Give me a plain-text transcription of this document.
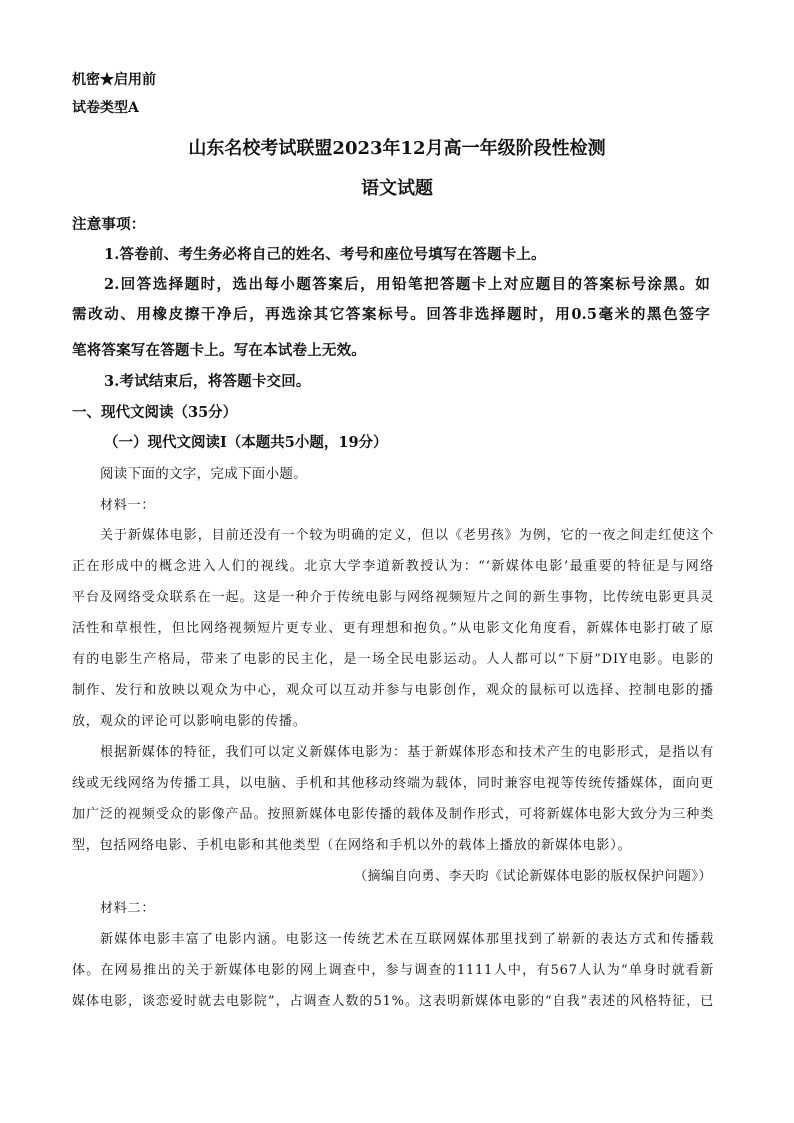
机密★启用前
试卷类型A
山东名校考试联盟2023年12月高一年级阶段性检测
语文试题
注意事项：
1.答卷前、考生务必将自己的姓名、考号和座位号填写在答题卡上。
2.回答选择题时，选出每小题答案后，用铅笔把答题卡上对应题目的答案标号涂黑。如
需改动、用橡皮擦干净后，再选涂其它答案标号。回答非选择题时，用0.5毫米的黑色签字
笔将答案写在答题卡上。写在本试卷上无效。
3.考试结束后，将答题卡交回。
一、现代文阅读（35分）
（一）现代文阅读Ⅰ（本题共5小题，19分）
阅读下面的文字，完成下面小题。
材料一：
关于新媒体电影，目前还没有一个较为明确的定义，但以《老男孩》为例，它的一夜之间走红使这个
正在形成中的概念进入人们的视线。北京大学李道新教授认为：“‘新媒体电影’最重要的特征是与网络
平台及网络受众联系在一起。这是一种介于传统电影与网络视频短片之间的新生事物，比传统电影更具灵
活性和草根性，但比网络视频短片更专业、更有理想和抱负。”从电影文化角度看，新媒体电影打破了原
有的电影生产格局，带来了电影的民主化，是一场全民电影运动。人人都可以“下厨”DIY电影。电影的
制作、发行和放映以观众为中心，观众可以互动并参与电影创作，观众的鼠标可以选择、控制电影的播
放，观众的评论可以影响电影的传播。
根据新媒体的特征，我们可以定义新媒体电影为：基于新媒体形态和技术产生的电影形式，是指以有
线或无线网络为传播工具，以电脑、手机和其他移动终端为载体，同时兼容电视等传统传播媒体，面向更
加广泛的视频受众的影像产品。按照新媒体电影传播的载体及制作形式，可将新媒体电影大致分为三种类
型，包括网络电影、手机电影和其他类型（在网络和手机以外的载体上播放的新媒体电影）。
（摘编自向勇、李天昀《试论新媒体电影的版权保护问题》）
材料二：
新媒体电影丰富了电影内涵。电影这一传统艺术在互联网媒体那里找到了崭新的表达方式和传播载
体。在网易推出的关于新媒体电影的网上调查中，参与调查的1111人中，有567人认为“单身时就看新
媒体电影，谈恋爱时就去电影院”，占调查人数的51%。这表明新媒体电影的“自我”表述的风格特征，已
